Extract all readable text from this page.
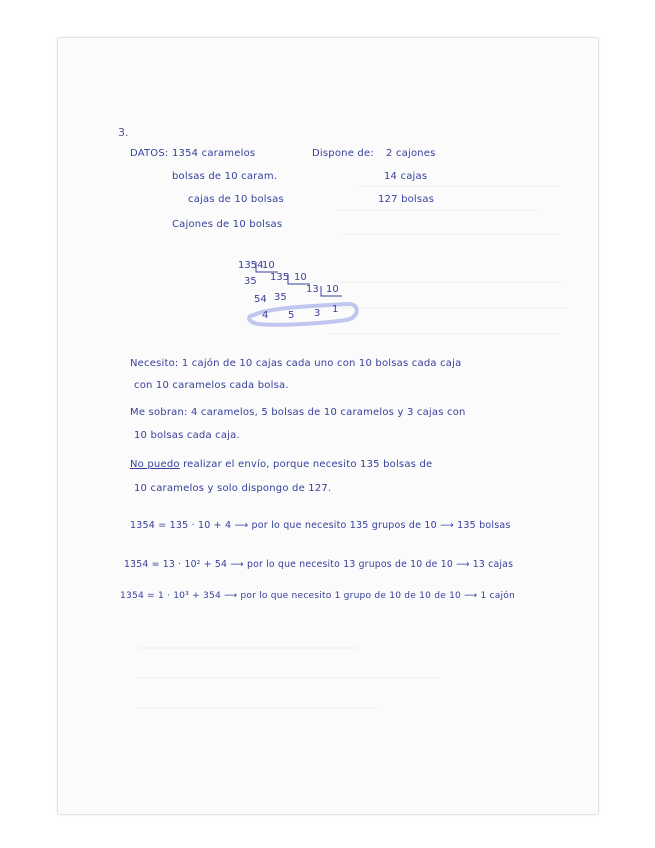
3.
DATOS: 1354 caramelos
bolsas de 10 caram.
cajas de 10 bolsas
Cajones de 10 bolsas
Dispone de: 2 cajones
14 cajas
127 bolsas
1354
10
35
54
4
135 10
35
5
13 10
3 1
Necesito: 1 cajón de 10 cajas cada uno con 10 bolsas cada caja
con 10 caramelos cada bolsa.
Me sobran: 4 caramelos, 5 bolsas de 10 caramelos y 3 cajas con
10 bolsas cada caja.
No puedo realizar el envío, porque necesito 135 bolsas de
10 caramelos y solo dispongo de 127.
1354 = 135 · 10 + 4 ⟶ por lo que necesito 135 grupos de 10 ⟶ 135 bolsas
1354 = 13 · 10² + 54 ⟶ por lo que necesito 13 grupos de 10 de 10 ⟶ 13 cajas
1354 = 1 · 10³ + 354 ⟶ por lo que necesito 1 grupo de 10 de 10 de 10 ⟶ 1 cajón
